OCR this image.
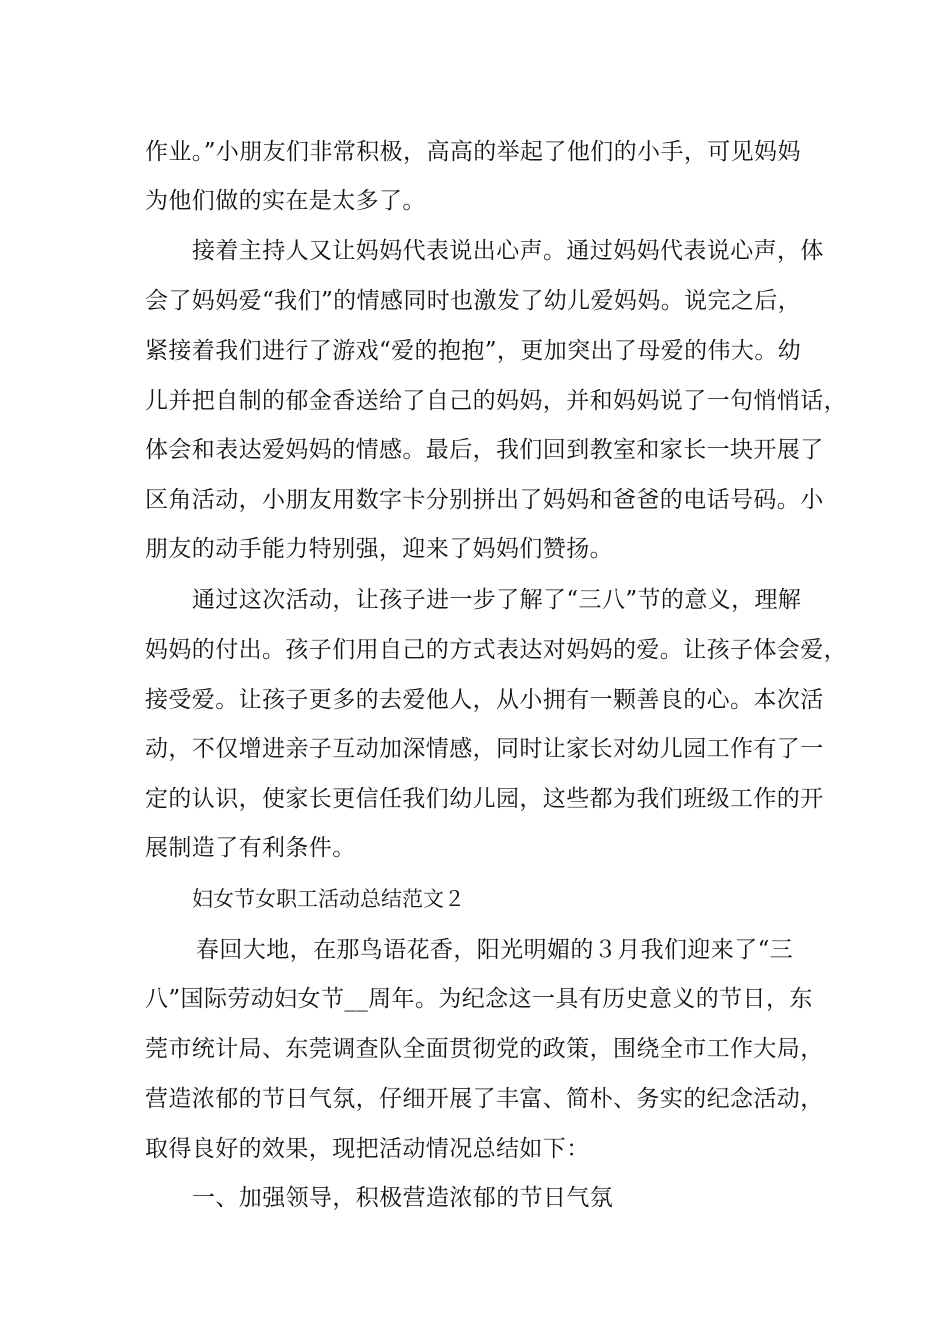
作业。”小朋友们非常积极，高高的举起了他们的小手，可见妈妈
为他们做的实在是太多了。
接着主持人又让妈妈代表说出心声。通过妈妈代表说心声，体
会了妈妈爱“我们”的情感同时也激发了幼儿爱妈妈。说完之后，
紧接着我们进行了游戏“爱的抱抱”，更加突出了母爱的伟大。幼
儿并把自制的郁金香送给了自己的妈妈，并和妈妈说了一句悄悄话，
体会和表达爱妈妈的情感。最后，我们回到教室和家长一块开展了
区角活动，小朋友用数字卡分别拼出了妈妈和爸爸的电话号码。小
朋友的动手能力特别强，迎来了妈妈们赞扬。
通过这次活动，让孩子进一步了解了“三八”节的意义，理解
妈妈的付出。孩子们用自己的方式表达对妈妈的爱。让孩子体会爱，
接受爱。让孩子更多的去爱他人，从小拥有一颗善良的心。本次活
动，不仅增进亲子互动加深情感，同时让家长对幼儿园工作有了一
定的认识，使家长更信任我们幼儿园，这些都为我们班级工作的开
展制造了有利条件。
妇女节女职工活动总结范文２
春回大地，在那鸟语花香，阳光明媚的３月我们迎来了“三
八”国际劳动妇女节__周年。为纪念这一具有历史意义的节日，东
莞市统计局、东莞调查队全面贯彻党的政策，围绕全市工作大局，
营造浓郁的节日气氛，仔细开展了丰富、简朴、务实的纪念活动，
取得良好的效果，现把活动情况总结如下：
一、加强领导，积极营造浓郁的节日气氛
